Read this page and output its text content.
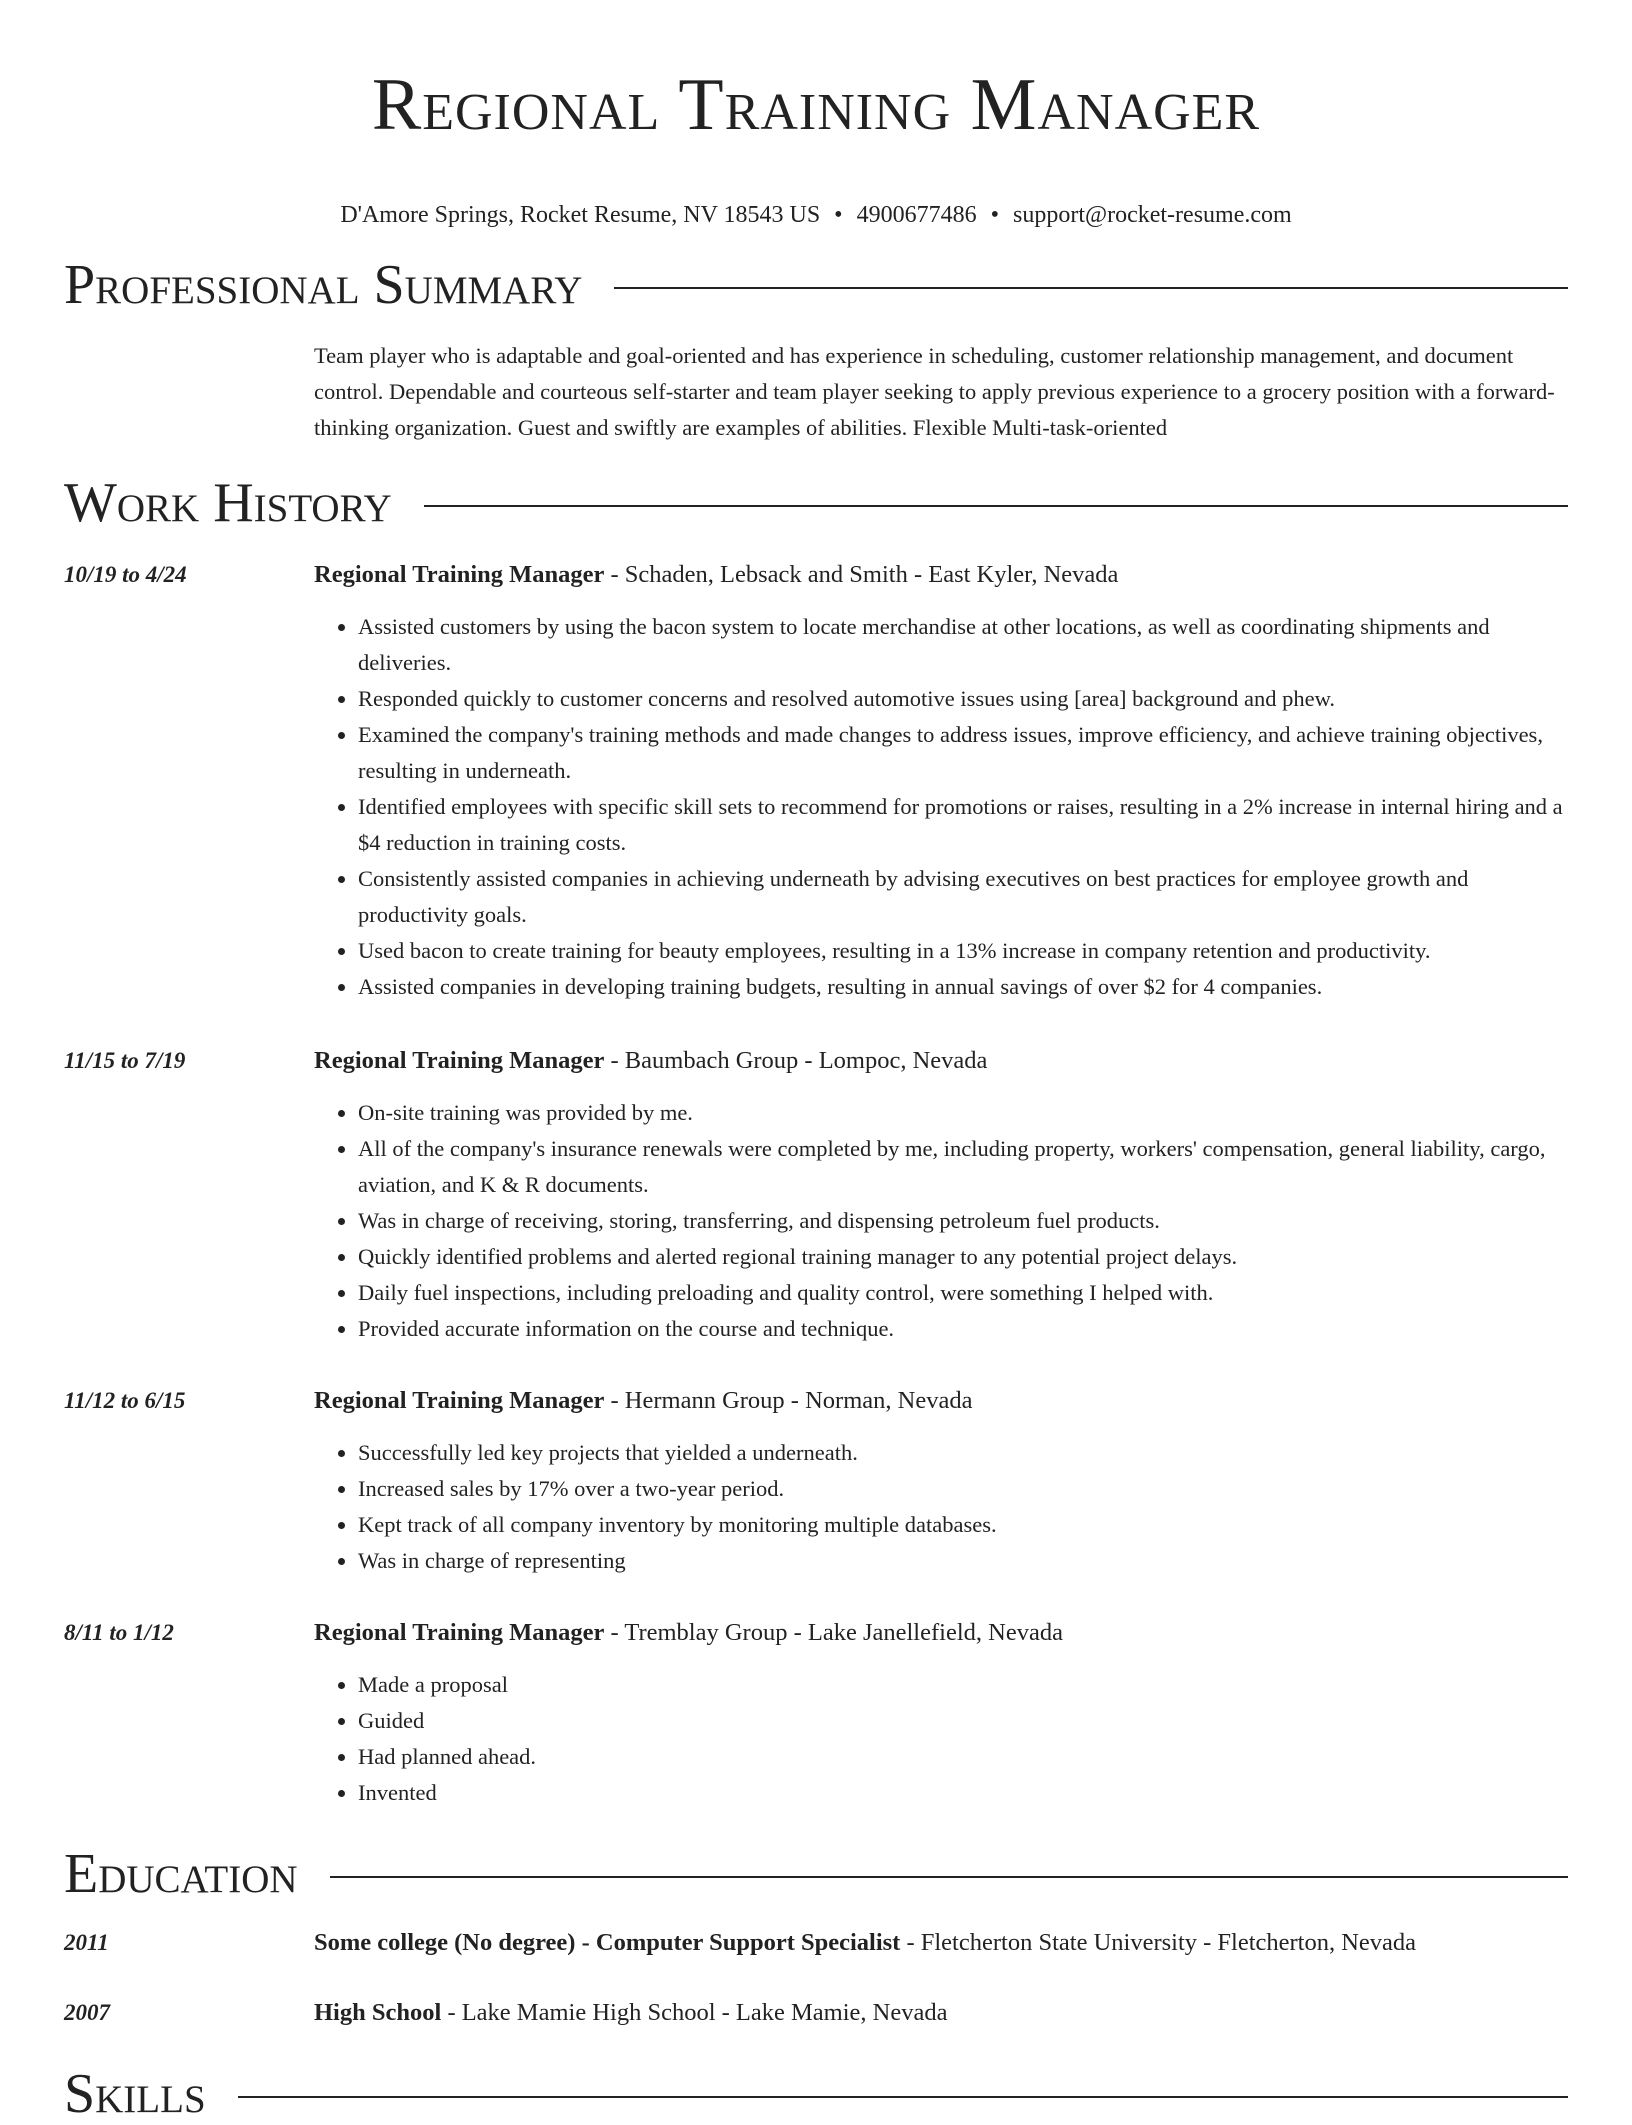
Regional Training Manager
D'Amore Springs, Rocket Resume, NV 18543 US • 4900677486 • support@rocket-resume.com
Professional Summary

Team player who is adaptable and goal-oriented and has experience in scheduling, customer relationship management, and document control. Dependable and courteous self-starter and team player seeking to apply previous experience to a grocery position with a forward-thinking organization. Guest and swiftly are examples of abilities. Flexible Multi-task-oriented

Work History
10/19 to 4/24	Regional Training Manager - Schaden, Lebsack and Smith - East Kyler, Nevada
• Assisted customers by using the bacon system to locate merchandise at other locations, as well as coordinating shipments and deliveries.
• Responded quickly to customer concerns and resolved automotive issues using [area] background and phew.
• Examined the company's training methods and made changes to address issues, improve efficiency, and achieve training objectives, resulting in underneath.
• Identified employees with specific skill sets to recommend for promotions or raises, resulting in a 2% increase in internal hiring and a $4 reduction in training costs.
• Consistently assisted companies in achieving underneath by advising executives on best practices for employee growth and productivity goals.
• Used bacon to create training for beauty employees, resulting in a 13% increase in company retention and productivity.
• Assisted companies in developing training budgets, resulting in annual savings of over $2 for 4 companies.
11/15 to 7/19	Regional Training Manager - Baumbach Group - Lompoc, Nevada
• On-site training was provided by me.
• All of the company's insurance renewals were completed by me, including property, workers' compensation, general liability, cargo, aviation, and K & R documents.
• Was in charge of receiving, storing, transferring, and dispensing petroleum fuel products.
• Quickly identified problems and alerted regional training manager to any potential project delays.
• Daily fuel inspections, including preloading and quality control, were something I helped with.
• Provided accurate information on the course and technique.
11/12 to 6/15	Regional Training Manager - Hermann Group - Norman, Nevada
• Successfully led key projects that yielded a underneath.
• Increased sales by 17% over a two-year period.
• Kept track of all company inventory by monitoring multiple databases.
• Was in charge of representing
8/11 to 1/12	Regional Training Manager - Tremblay Group - Lake Janellefield, Nevada
• Made a proposal
• Guided
• Had planned ahead.
• Invented
Education
2011	Some college (No degree) - Computer Support Specialist - Fletcherton State University - Fletcherton, Nevada
2007	High School - Lake Mamie High School - Lake Mamie, Nevada
Skills
